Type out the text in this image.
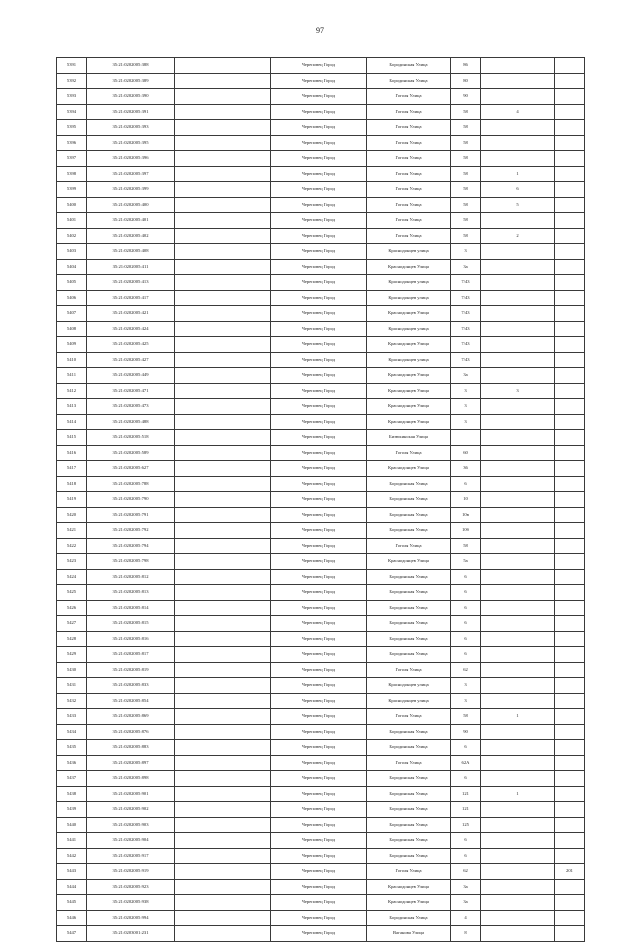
97
5391	35:21:0202005:388		Череповец Город	Бородинская Улица	86		
5392	35:21:0202005:389		Череповец Город	Бородинская Улица	80		
5393	35:21:0202005:390		Череповец Город	Гоголя Улица	90		
5394	35:21:0202005:391		Череповец Город	Гоголя Улица	58	4	
5395	35:21:0202005:393		Череповец Город	Гоголя Улица	58		
5396	35:21:0202005:395		Череповец Город	Гоголя Улица	58		
5397	35:21:0202005:396		Череповец Город	Гоголя Улица	58		
5398	35:21:0202005:397		Череповец Город	Гоголя Улица	58	1	
5399	35:21:0202005:399		Череповец Город	Гоголя Улица	58	6	
5400	35:21:0202005:400		Череповец Город	Гоголя Улица	58	5	
5401	35:21:0202005:401		Череповец Город	Гоголя Улица	58		
5402	35:21:0202005:402		Череповец Город	Гоголя Улица	58	2	
5403	35:21:0202005:408		Череповец Город	Краснодонцев улица	3		
5404	35:21:0202005:411		Череповец Город	Краснодонцев Улица	3а		
5405	35:21:0202005:413		Череповец Город	Краснодонцев улица	7/43		
5406	35:21:0202005:417		Череповец Город	Краснодонцев улица	7/43		
5407	35:21:0202005:421		Череповец Город	Краснодонцев Улица	7/43		
5408	35:21:0202005:424		Череповец Город	Краснодонцев улица	7/43		
5409	35:21:0202005:425		Череповец Город	Краснодонцев Улица	7/43		
5410	35:21:0202005:427		Череповец Город	Краснодонцев улица	7/43		
5411	35:21:0202005:449		Череповец Город	Краснодонцев Улица	3а		
5412	35:21:0202005:471		Череповец Город	Краснодонцев Улица	3	3	
5413	35:21:0202005:473		Череповец Город	Краснодонцев Улица	3		
5414	35:21:0202005:488		Череповец Город	Краснодонцев Улица	3		
5415	35:21:0202005:518		Череповец Город	Бизюкинская Улица			
5416	35:21:0202005:589		Череповец Город	Гоголя Улица	60		
5417	35:21:0202005:627		Череповец Город	Краснодонцев Улица	36		
5418	35:21:0202005:788		Череповец Город	Бородинская Улица	6		
5419	35:21:0202005:790		Череповец Город	Бородинская Улица	10		
5420	35:21:0202005:791		Череповец Город	Бородинская Улица	10в		
5421	35:21:0202005:792		Череповец Город	Бородинская Улица	10б		
5422	35:21:0202005:794		Череповец Город	Гоголя Улица	58		
5423	35:21:0202005:798		Череповец Город	Краснодонцев Улица	5а		
5424	35:21:0202005:812		Череповец Город	Бородинская Улица	6		
5425	35:21:0202005:813		Череповец Город	Бородинская Улица	6		
5426	35:21:0202005:814		Череповец Город	Бородинская Улица	6		
5427	35:21:0202005:815		Череповец Город	Бородинская Улица	6		
5428	35:21:0202005:816		Череповец Город	Бородинская Улица	6		
5429	35:21:0202005:817		Череповец Город	Бородинская Улица	6		
5430	35:21:0202005:819		Череповец Город	Гоголя Улица	62		
5431	35:21:0202005:833		Череповец Город	Краснодонцев улица	3		
5432	35:21:0202005:854		Череповец Город	Краснодонцев улица	3		
5433	35:21:0202005:869		Череповец Город	Гоголя Улица	58	1	
5434	35:21:0202005:876		Череповец Город	Бородинская Улица	90		
5435	35:21:0202005:883		Череповец Город	Бородинская Улица	6		
5436	35:21:0202005:897		Череповец Город	Гоголя Улица	62А		
5437	35:21:0202005:898		Череповец Город	Бородинская Улица	6		
5438	35:21:0202005:901		Череповец Город	Бородинская Улица	121	1	
5439	35:21:0202005:902		Череповец Город	Бородинская Улица	121		
5440	35:21:0202005:903		Череповец Город	Бородинская Улица	125		
5441	35:21:0202005:904		Череповец Город	Бородинская Улица	6		
5442	35:21:0202005:917		Череповец Город	Бородинская Улица	6		
5443	35:21:0202005:919		Череповец Город	Гоголя Улица	62		201
5444	35:21:0202005:923		Череповец Город	Краснодонцев Улица	3а		
5445	35:21:0202005:938		Череповец Город	Краснодонцев Улица	3а		
5446	35:21:0202005:994		Череповец Город	Бородинская Улица	4		
5447	35:21:0203001:231		Череповец Город	Ваганова Улица	8		
